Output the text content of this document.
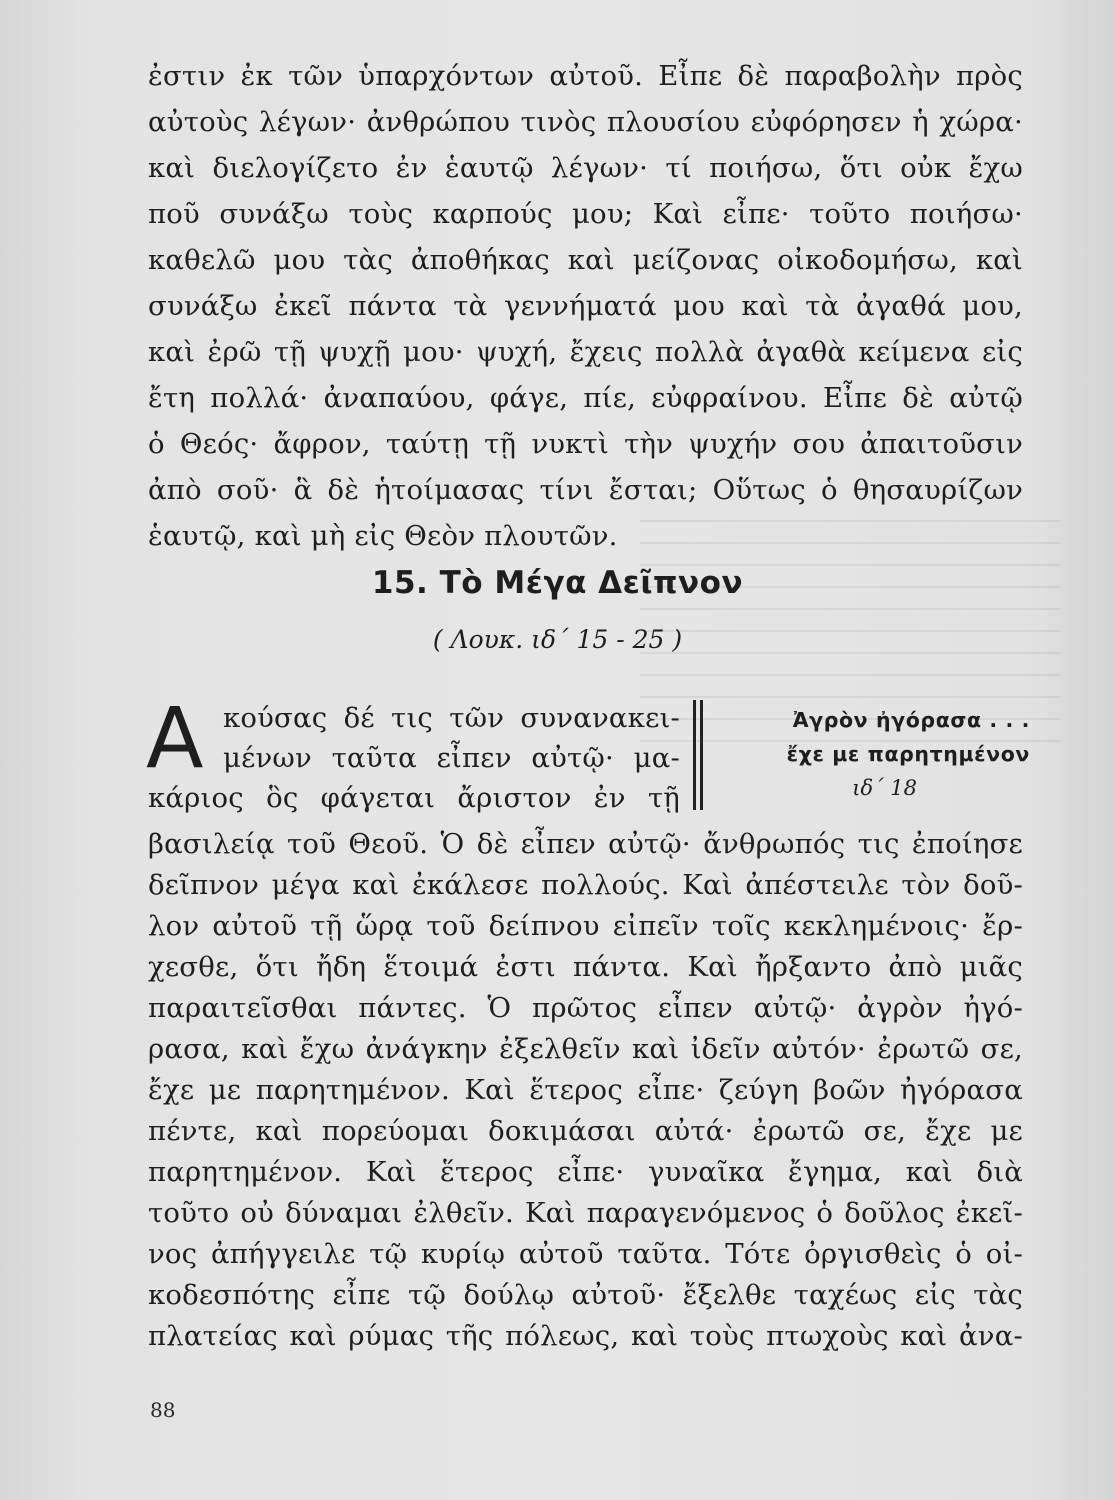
ἐστιν ἐκ τῶν ὑπαρχόντων αὐτοῦ. Εἶπε δὲ παραβολὴν πρὸς
αὐτοὺς λέγων· ἀνθρώπου τινὸς πλουσίου εὐφόρησεν ἡ χώρα·
καὶ διελογίζετο ἐν ἑαυτῷ λέγων· τί ποιήσω, ὅτι οὐκ ἔχω
ποῦ συνάξω τοὺς καρπούς μου; Καὶ εἶπε· τοῦτο ποιήσω·
καθελῶ μου τὰς ἀποθήκας καὶ μείζονας οἰκοδομήσω, καὶ
συνάξω ἐκεῖ πάντα τὰ γεννήματά μου καὶ τὰ ἀγαθά μου,
καὶ ἐρῶ τῇ ψυχῇ μου· ψυχή, ἔχεις πολλὰ ἀγαθὰ κείμενα εἰς
ἔτη πολλά· ἀναπαύου, φάγε, πίε, εὐφραίνου. Εἶπε δὲ αὐτῷ
ὁ Θεός· ἄφρον, ταύτῃ τῇ νυκτὶ τὴν ψυχήν σου ἀπαιτοῦσιν
ἀπὸ σοῦ· ἃ δὲ ἡτοίμασας τίνι ἔσται; Οὕτως ὁ θησαυρίζων
ἑαυτῷ, καὶ μὴ εἰς Θεὸν πλουτῶν.
15. Τὸ Μέγα Δεῖπνον
( Λουκ. ιδ΄ 15 - 25 )
Α κούσας δέ τις τῶν συνανακει-
μένων ταῦτα εἶπεν αὐτῷ· μα-
κάριος ὃς φάγεται ἄριστον ἐν τῇ
Ἀγρὸν ἠγόρασα . . .
ἔχε με παρητημένον
ιδ΄ 18
βασιλείᾳ τοῦ Θεοῦ. Ὁ δὲ εἶπεν αὐτῷ· ἄνθρωπός τις ἐποίησε
δεῖπνον μέγα καὶ ἐκάλεσε πολλούς. Καὶ ἀπέστειλε τὸν δοῦ-
λον αὐτοῦ τῇ ὥρᾳ τοῦ δείπνου εἰπεῖν τοῖς κεκλημένοις· ἔρ-
χεσθε, ὅτι ἤδη ἕτοιμά ἐστι πάντα. Καὶ ἤρξαντο ἀπὸ μιᾶς
παραιτεῖσθαι πάντες. Ὁ πρῶτος εἶπεν αὐτῷ· ἀγρὸν ἠγό-
ρασα, καὶ ἔχω ἀνάγκην ἐξελθεῖν καὶ ἰδεῖν αὐτόν· ἐρωτῶ σε,
ἔχε με παρητημένον. Καὶ ἕτερος εἶπε· ζεύγη βοῶν ἠγόρασα
πέντε, καὶ πορεύομαι δοκιμάσαι αὐτά· ἐρωτῶ σε, ἔχε με
παρητημένον. Καὶ ἕτερος εἶπε· γυναῖκα ἔγημα, καὶ διὰ
τοῦτο οὐ δύναμαι ἐλθεῖν. Καὶ παραγενόμενος ὁ δοῦλος ἐκεῖ-
νος ἀπήγγειλε τῷ κυρίῳ αὐτοῦ ταῦτα. Τότε ὀργισθεὶς ὁ οἰ-
κοδεσπότης εἶπε τῷ δούλῳ αὐτοῦ· ἔξελθε ταχέως εἰς τὰς
πλατείας καὶ ρύμας τῆς πόλεως, καὶ τοὺς πτωχοὺς καὶ ἀνα-
88
